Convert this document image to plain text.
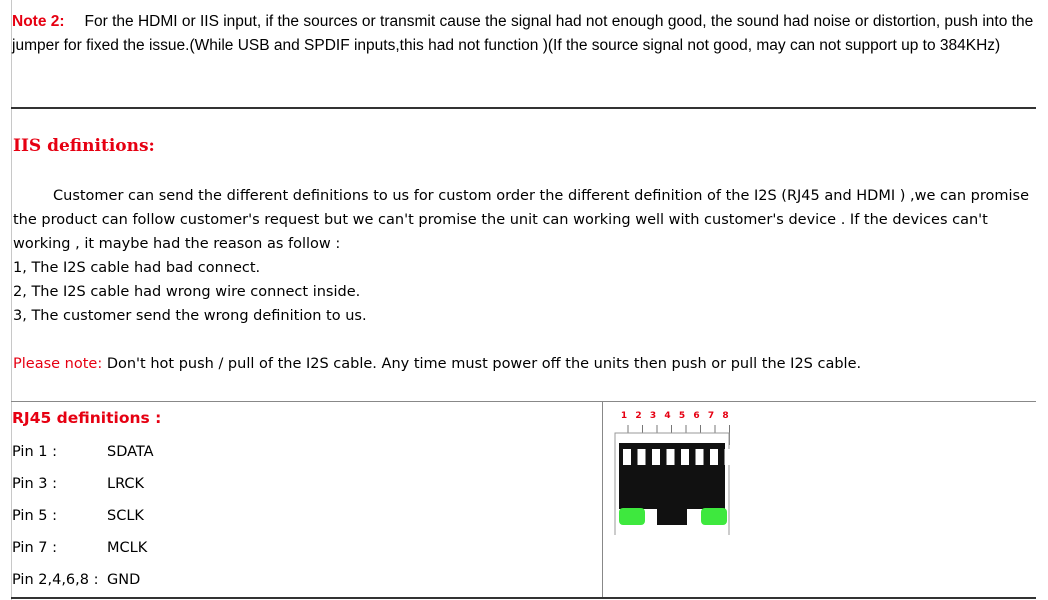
Note 2: For the HDMI or IIS input, if the sources or transmit cause the signal had not enough good, the sound had noise or distortion, push into the jumper for fixed the issue.(While USB and SPDIF inputs,this had not function )(If the source signal not good, may can not support up to 384KHz)
IIS definitions:
Customer can send the different definitions to us for custom order the different definition of the I2S (RJ45 and HDMI ) ,we can promise the product can follow customer's request but we can't promise the unit can working well with customer's device . If the devices can't working , it maybe had the reason as follow :
1, The I2S cable had bad connect.
2, The I2S cable had wrong wire connect inside.
3, The customer send the wrong definition to us.
Please note: Don't hot push / pull of the I2S cable. Any time must power off the units then push or pull the I2S cable.
RJ45 definitions :
Pin 1 :	SDATA
Pin 3 :	LRCK
Pin 5 :	SCLK
Pin 7 :	MCLK
Pin 2,4,6,8 : GND
1 2 3 4 5 6 7 8
